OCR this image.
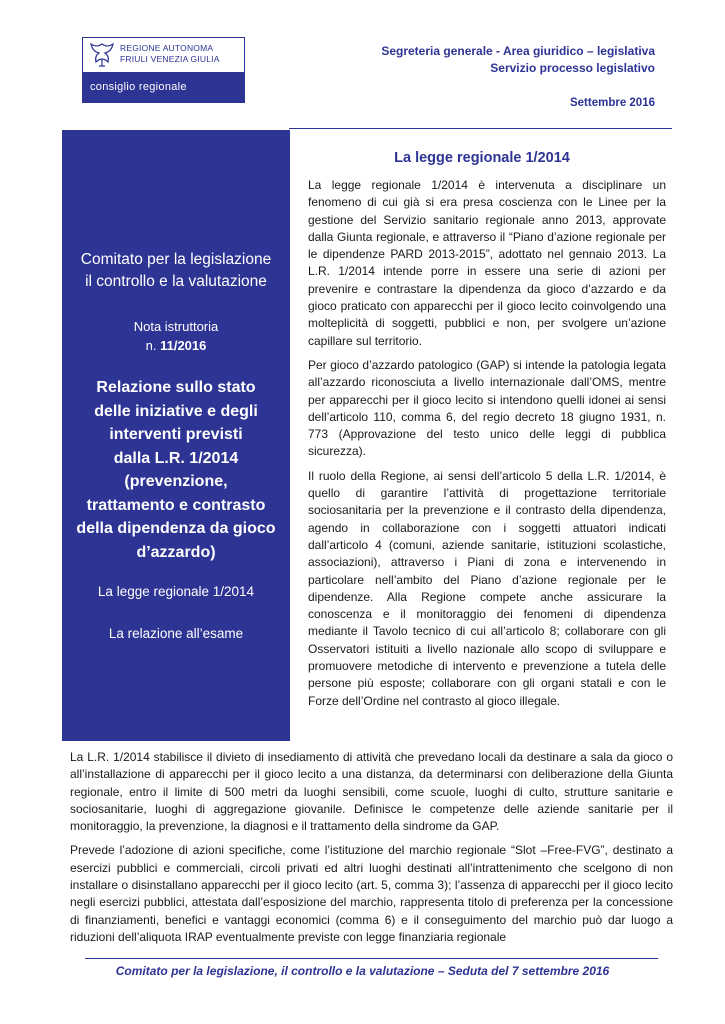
REGIONE AUTONOMA
FRIULI VENEZIA GIULIA
consiglio regionale
Segreteria generale - Area giuridico – legislativa
Servizio processo legislativo
Settembre 2016
Comitato per la legislazione
il controllo e la valutazione
Nota istruttoria
n. 11/2016
Relazione sullo stato
delle iniziative e degli
interventi previsti
dalla L.R. 1/2014
(prevenzione,
trattamento e contrasto
della dipendenza da gioco
d’azzardo)
La legge regionale 1/2014
La relazione all’esame
La legge regionale 1/2014

La legge regionale 1/2014 è intervenuta a disciplinare un fenomeno di cui già si era presa coscienza con le Linee per la gestione del Servizio sanitario regionale anno 2013, approvate dalla Giunta regionale, e attraverso il “Piano d’azione regionale per le dipendenze PARD 2013-2015”, adottato nel gennaio 2013. La L.R. 1/2014 intende porre in essere una serie di azioni per prevenire e contrastare la dipendenza da gioco d’azzardo e da gioco praticato con apparecchi per il gioco lecito coinvolgendo una molteplicità di soggetti, pubblici e non, per svolgere un’azione capillare sul territorio.

Per gioco d’azzardo patologico (GAP) si intende la patologia legata all’azzardo riconosciuta a livello internazionale dall’OMS, mentre per apparecchi per il gioco lecito si intendono quelli idonei ai sensi dell’articolo 110, comma 6, del regio decreto 18 giugno 1931, n. 773 (Approvazione del testo unico delle leggi di pubblica sicurezza).

Il ruolo della Regione, ai sensi dell’articolo 5 della L.R. 1/2014, è quello di garantire l’attività di progettazione territoriale sociosanitaria per la prevenzione e il contrasto della dipendenza, agendo in collaborazione con i soggetti attuatori indicati dall’articolo 4 (comuni, aziende sanitarie, istituzioni scolastiche, associazioni), attraverso i Piani di zona e intervenendo in particolare nell’ambito del Piano d’azione regionale per le dipendenze. Alla Regione compete anche assicurare la conoscenza e il monitoraggio dei fenomeni di dipendenza mediante il Tavolo tecnico di cui all’articolo 8; collaborare con gli Osservatori istituiti a livello nazionale allo scopo di sviluppare e promuovere metodiche di intervento e prevenzione a tutela delle persone più esposte; collaborare con gli organi statali e con le Forze dell’Ordine nel contrasto al gioco illegale.

La L.R. 1/2014 stabilisce il divieto di insediamento di attività che prevedano locali da destinare a sala da gioco o all’installazione di apparecchi per il gioco lecito a una distanza, da determinarsi con deliberazione della Giunta regionale, entro il limite di 500 metri da luoghi sensibili, come scuole, luoghi di culto, strutture sanitarie e sociosanitarie, luoghi di aggregazione giovanile. Definisce le competenze delle aziende sanitarie per il monitoraggio, la prevenzione, la diagnosi e il trattamento della sindrome da GAP.

Prevede l’adozione di azioni specifiche, come l’istituzione del marchio regionale “Slot –Free-FVG”, destinato a esercizi pubblici e commerciali, circoli privati ed altri luoghi destinati all’intrattenimento che scelgono di non installare o disinstallano apparecchi per il gioco lecito (art. 5, comma 3); l’assenza di apparecchi per il gioco lecito negli esercizi pubblici, attestata dall’esposizione del marchio, rappresenta titolo di preferenza per la concessione di finanziamenti, benefici e vantaggi economici (comma 6) e il conseguimento del marchio può dar luogo a riduzioni dell’aliquota IRAP eventualmente previste con legge finanziaria regionale

Comitato per la legislazione, il controllo e la valutazione – Seduta del 7 settembre 2016
